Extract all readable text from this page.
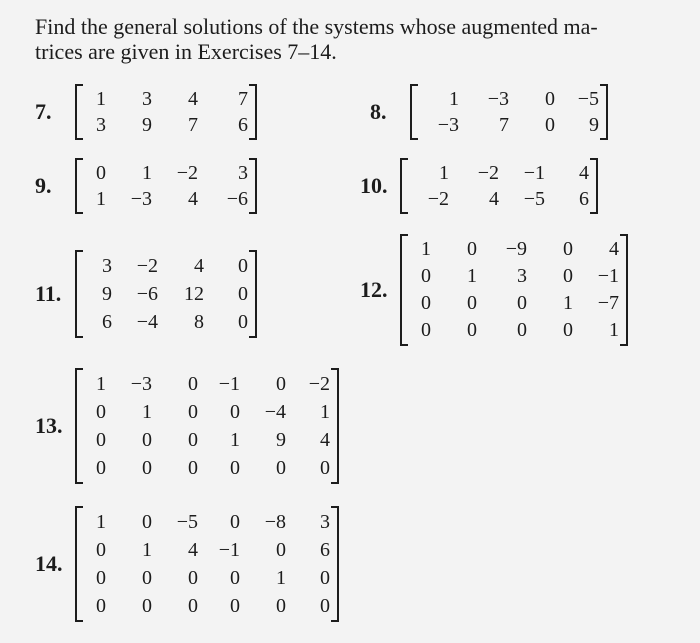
Find the general solutions of the systems whose augmented ma-
trices are given in Exercises 7–14.
7.	1	3	4	7
3	9	7	6
8.	1	−3	0	−5
−3	7	0	9
9.	0	1	−2	3
1	−3	4	−6
10.	1	−2	−1	4
−2	4	−5	6
11.
3	−2	4	0
9	−6	12	0
6	−4	8	0
12.
1	0	−9	0	4
0	1	3	0	−1
0	0	0	1	−7
0	0	0	0	1
13.
1	−3	0	−1	0	−2
0	1	0	0	−4	1
0	0	0	1	9	4
0	0	0	0	0	0
14.
1	0	−5	0	−8	3
0	1	4	−1	0	6
0	0	0	0	1	0
0	0	0	0	0	0
